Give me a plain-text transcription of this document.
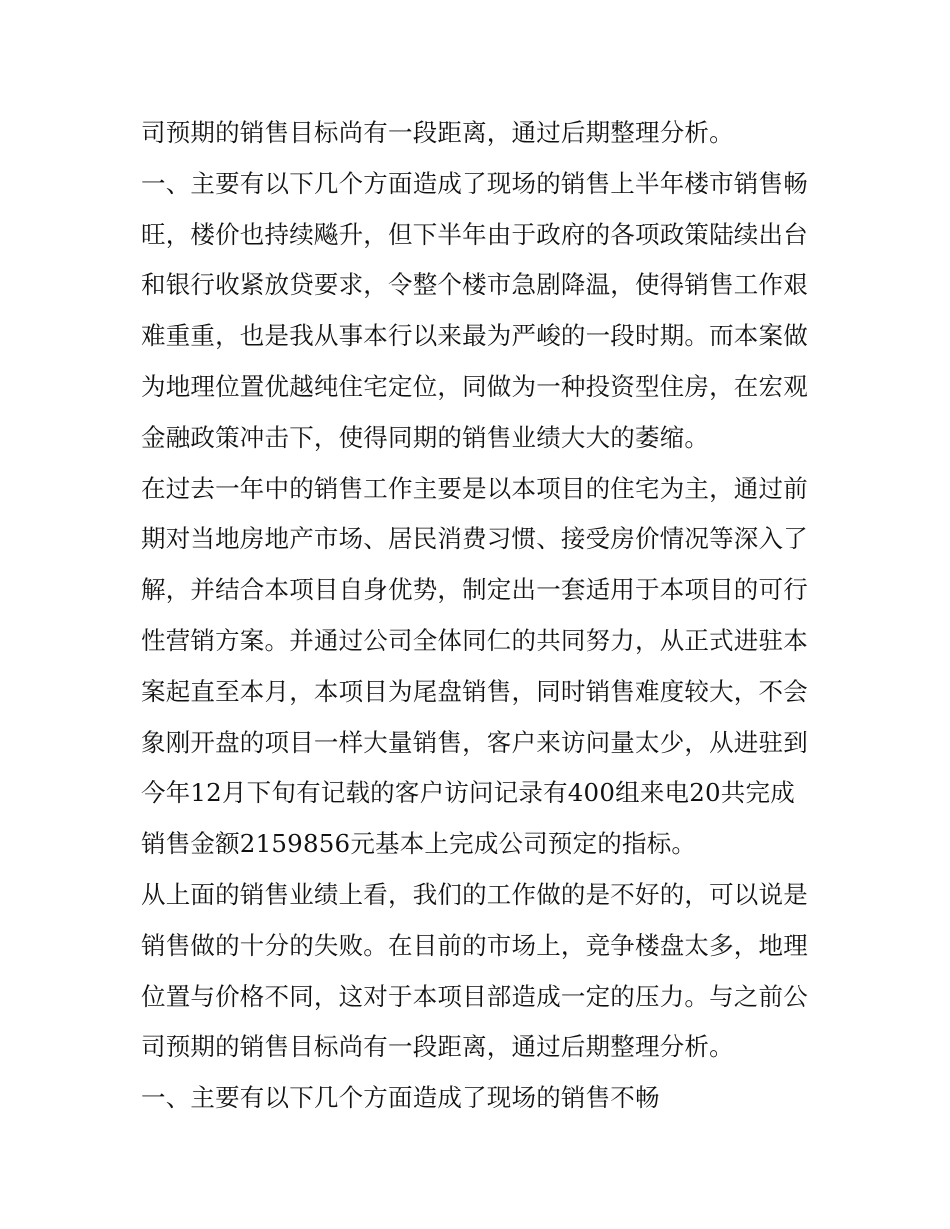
司预期的销售目标尚有一段距离，通过后期整理分析。
一、主要有以下几个方面造成了现场的销售上半年楼市销售畅
旺，楼价也持续飚升，但下半年由于政府的各项政策陆续出台
和银行收紧放贷要求，令整个楼市急剧降温，使得销售工作艰
难重重，也是我从事本行以来最为严峻的一段时期。而本案做
为地理位置优越纯住宅定位，同做为一种投资型住房，在宏观
金融政策冲击下，使得同期的销售业绩大大的萎缩。
在过去一年中的销售工作主要是以本项目的住宅为主，通过前
期对当地房地产市场、居民消费习惯、接受房价情况等深入了
解，并结合本项目自身优势，制定出一套适用于本项目的可行
性营销方案。并通过公司全体同仁的共同努力，从正式进驻本
案起直至本月，本项目为尾盘销售，同时销售难度较大，不会
象刚开盘的项目一样大量销售，客户来访问量太少，从进驻到
今年12月下旬有记载的客户访问记录有400组来电20共完成
销售金额2159856元基本上完成公司预定的指标。
从上面的销售业绩上看，我们的工作做的是不好的，可以说是
销售做的十分的失败。在目前的市场上，竞争楼盘太多，地理
位置与价格不同，这对于本项目部造成一定的压力。与之前公
司预期的销售目标尚有一段距离，通过后期整理分析。
一、主要有以下几个方面造成了现场的销售不畅
